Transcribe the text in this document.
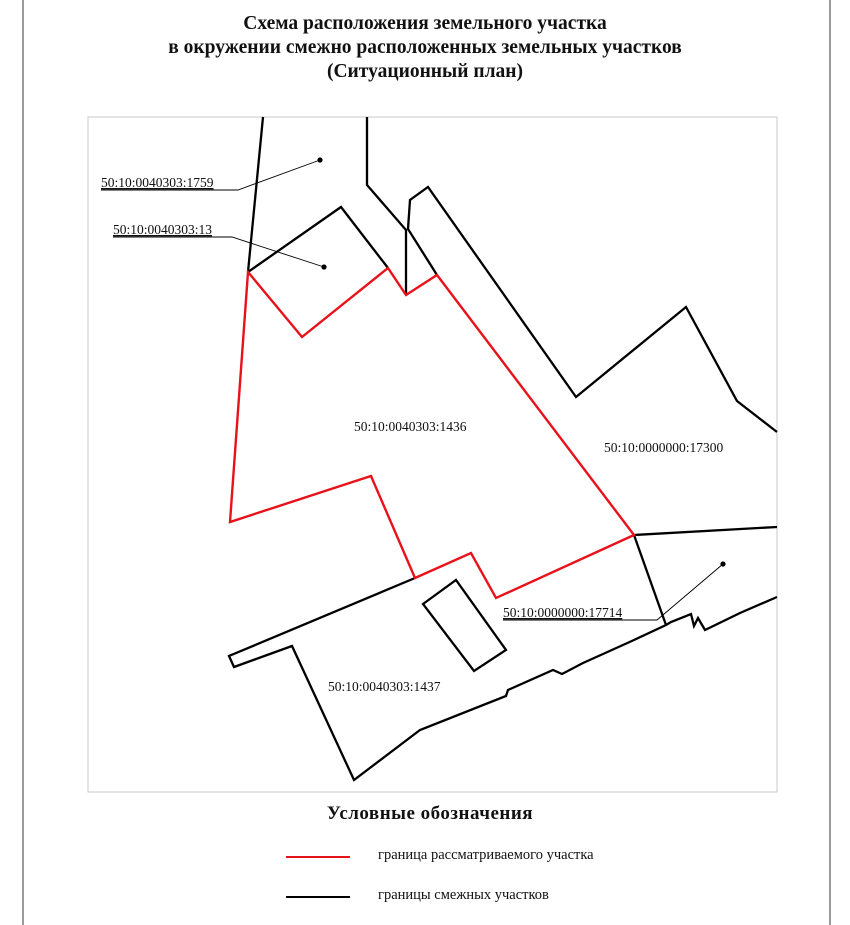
Схема расположения земельного участка
в окружении смежно расположенных земельных участков
(Ситуационный план)
50:10:0040303:1759
50:10:0040303:13
50:10:0040303:1436
50:10:0000000:17300
50:10:0000000:17714
50:10:0040303:1437
Условные обозначения
граница рассматриваемого участка
границы смежных участков
